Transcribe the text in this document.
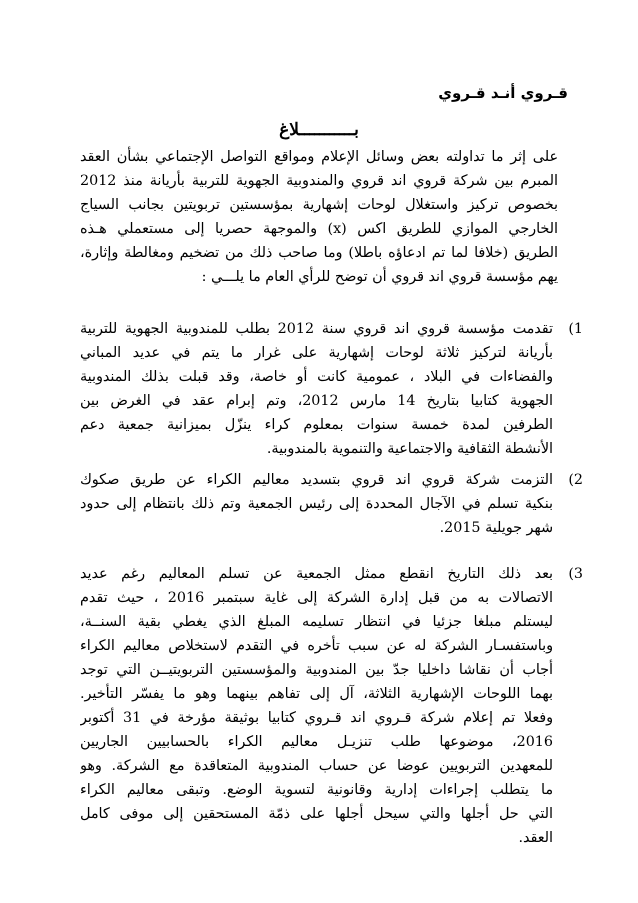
قـروي أنـد قـروي
بـــــــــــلاغ
على إثر ما تداولته بعض وسائل الإعلام ومواقع التواصل الإجتماعي بشأن العقد
المبرم بين شركة قروي اند قروي والمندوبية الجهوية للتربية بأريانة منذ 2012
بخصوص تركيز واستغلال لوحات إشهارية بمؤسستين تربويتين بجانب السياج
الخارجي الموازي للطريق اكس (x) والموجهة حصريا إلى مستعملي هـذه
الطريق (خلافا لما تم ادعاؤه باطلا) وما صاحب ذلك من تضخيم ومغالطة وإثارة،
يهم مؤسسة قروي اند قروي أن توضح للرأي العام ما يلـــي :
1)
تقدمت مؤسسة قروي اند قروي سنة 2012 بطلب للمندوبية الجهوية للتربية
بأريانة لتركيز ثلاثة لوحات إشهارية على غرار ما يتم في عديد المباني
والفضاءات في البلاد ، عمومية كانت أو خاصة، وقد قبلت بذلك المندوبية
الجهوية كتابيا بتاريخ 14 مارس 2012، وتم إبرام عقد في الغرض بين
الطرفين لمدة خمسة سنوات بمعلوم كراء ينزّل بميزانية جمعية دعم
الأنشطة الثقافية والاجتماعية والتنموية بالمندوبية.
2)
التزمت شركة قروي اند قروي بتسديد معاليم الكراء عن طريق صكوك
بنكية تسلم في الآجال المحددة إلى رئيس الجمعية وتم ذلك بانتظام إلى حدود
شهر جويلية 2015.
3)
بعد ذلك التاريخ انقطع ممثل الجمعية عن تسلم المعاليم رغم عديد
الاتصالات به من قبل إدارة الشركة إلى غاية سبتمبر 2016 ، حيث تقدم
ليستلم مبلغا جزئيا في انتظار تسليمه المبلغ الذي يغطي بقية السنــة،
وباستفسـار الشركة له عن سبب تأخره في التقدم لاستخلاص معاليم الكراء
أجاب أن نقاشا داخليا جدّ بين المندوبية والمؤسستين التربويتيــن التي توجد
بهما اللوحات الإشهارية الثلاثة، آل إلى تفاهم بينهما وهو ما يفسّر التأخير.
وفعلا تم إعلام شركة قـروي اند قـروي كتابيا بوثيقة مؤرخة في 31 أكتوبر
2016، موضوعها طلب تنزيـل معاليم الكراء بالحسابيين الجاريين
للمعهدين التربويين عوضا عن حساب المندوبية المتعاقدة مع الشركة. وهو
ما يتطلب إجراءات إدارية وقانونية لتسوية الوضع. وتبقى معاليم الكراء
التي حل أجلها والتي سيحل أجلها على ذمّة المستحقين إلى موفى كامل
العقد.
